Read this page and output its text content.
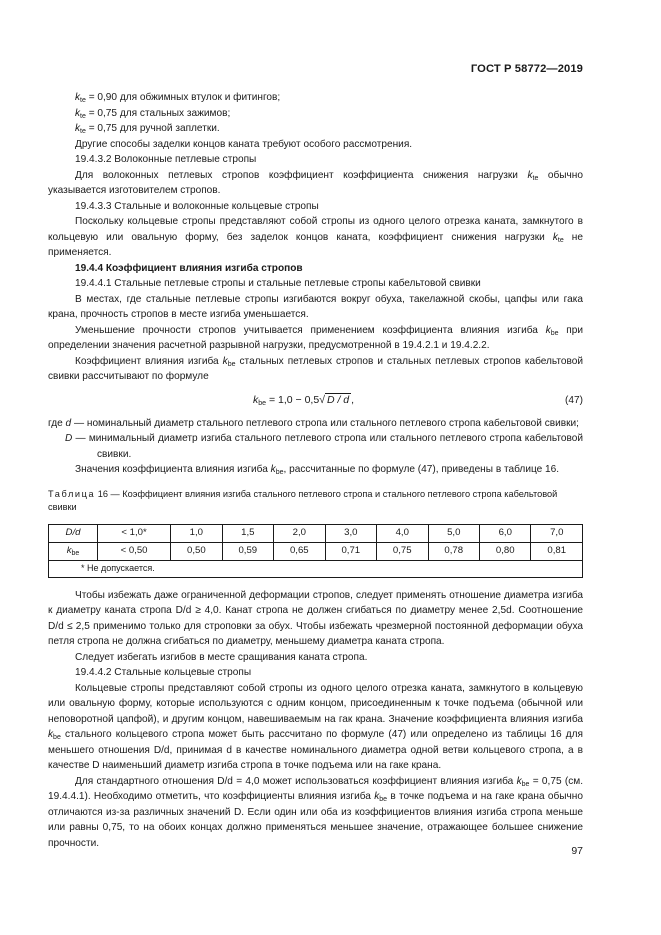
ГОСТ Р 58772—2019

$k_{te} = 0,90$ для обжимных втулок и фитингов;

$k_{te} = 0,75$ для стальных зажимов;

$k_{te} = 0,75$ для ручной заплетки.

Другие способы заделки концов каната требуют особого рассмотрения.

19.4.3.2 Волоконные петлевые стропы

Для волоконных петлевых стропов коэффициент коэффициента снижения нагрузки $k_{te}$ обычно указывается изготовителем стропов.

19.4.3.3 Стальные и волоконные кольцевые стропы

Поскольку кольцевые стропы представляют собой стропы из одного целого отрезка каната, замкнутого в кольцевую или овальную форму, без заделок концов каната, коэффициент снижения нагрузки $k_{te}$ не применяется.

19.4.4 Коэффициент влияния изгиба стропов

19.4.4.1 Стальные петлевые стропы и стальные петлевые стропы кабельтовой свивки

В местах, где стальные петлевые стропы изгибаются вокруг обуха, такелажной скобы, цапфы или гака крана, прочность стропов в месте изгиба уменьшается.

Уменьшение прочности стропов учитывается применением коэффициента влияния изгиба $k_{be}$ при определении значения расчетной разрывной нагрузки, предусмотренной в 19.4.2.1 и 19.4.2.2.

Коэффициент влияния изгиба $k_{be}$ стальных петлевых стропов и стальных петлевых стропов кабельтовой свивки рассчитывают по формуле

$k_{be} = 1,0 - 0,5√$ D / d ,	(47)

где d — номинальный диаметр стального петлевого стропа или стального петлевого стропа кабельтовой свивки;

D — минимальный диаметр изгиба стального петлевого стропа или стального петлевого стропа кабельтовой свивки.

Значения коэффициента влияния изгиба $k_{be}$, рассчитанные по формуле (47), приведены в таблице 16.

Таблица 16 — Коэффициент влияния изгиба стального петлевого стропа и стального петлевого стропа кабельтовой свивки

D/d	< 1,0*	1,0	1,5	2,0	3,0	4,0	5,0	6,0	7,0
$k_{be}$	< 0,50	0,50	0,59	0,65	0,71	0,75	0,78	0,80	0,81
* Не допускается.									

Чтобы избежать даже ограниченной деформации стропов, следует применять отношение диаметра изгиба к диаметру каната стропа D/d ≥ 4,0. Канат стропа не должен сгибаться по диаметру менее 2,5d. Соотношение D/d ≤ 2,5 применимо только для строповки за обух. Чтобы избежать чрезмерной постоянной деформации обуха петля стропа не должна сгибаться по диаметру, меньшему диаметра каната стропа.

Следует избегать изгибов в месте сращивания каната стропа.

19.4.4.2 Стальные кольцевые стропы

Кольцевые стропы представляют собой стропы из одного целого отрезка каната, замкнутого в кольцевую или овальную форму, которые используются с одним концом, присоединенным к точке подъема (обычной или неповоротной цапфой), и другим концом, навешиваемым на гак крана. Значение коэффициента влияния изгиба $k_{be}$ стального кольцевого стропа может быть рассчитано по формуле (47) или определено из таблицы 16 для меньшего отношения D/d, принимая d в качестве номинального диаметра одной ветви кольцевого стропа, а в качестве D наименьший диаметр изгиба стропа в точке подъема или на гаке крана.

Для стандартного отношения D/d = 4,0 может использоваться коэффициент влияния изгиба $k_{be} = 0,75$ (см. 19.4.4.1). Необходимо отметить, что коэффициенты влияния изгиба $k_{be}$ в точке подъема и на гаке крана обычно отличаются из-за различных значений D. Если один или оба из коэффициентов влияния изгиба стропа меньше или равны 0,75, то на обоих концах должно применяться меньшее значение, отражающее большее снижение прочности.

97
